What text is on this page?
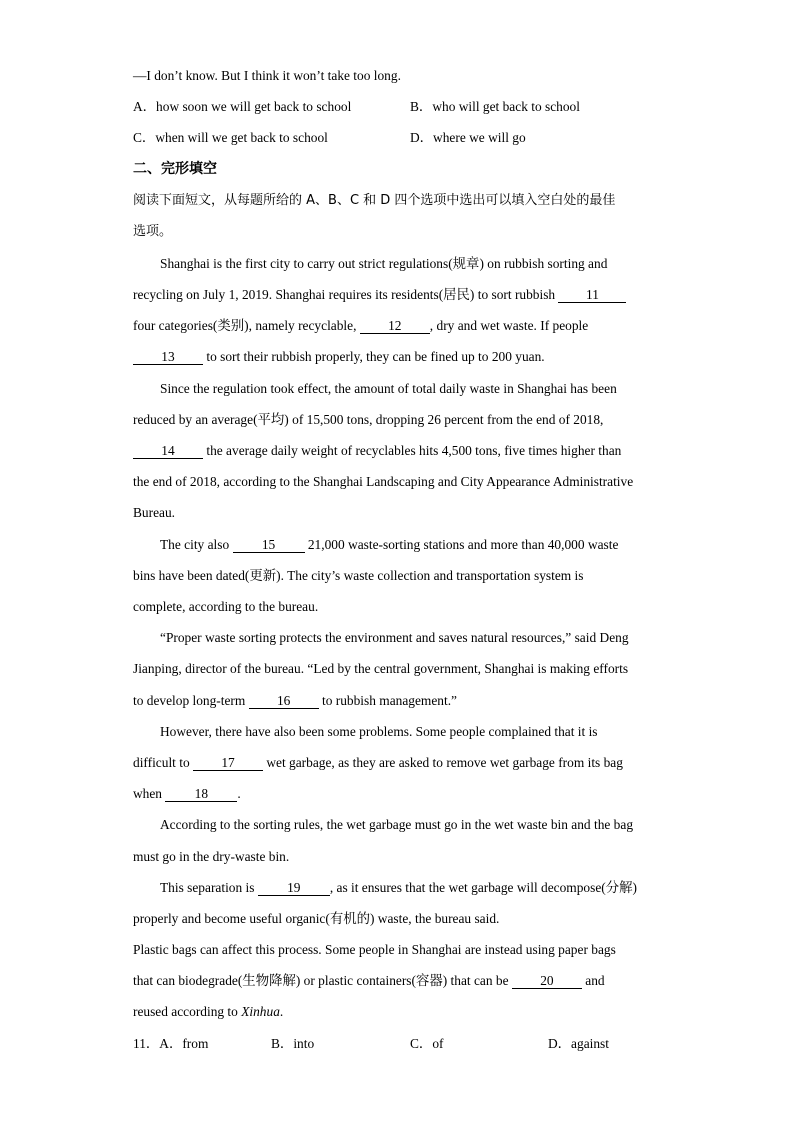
—I don’t know. But I think it won’t take too long.
A．how soon we will get back to school	B．who will get back to school
C．when will we get back to school	D．where we will go
二、完形填空
阅读下面短文，从每题所给的 A、B、C 和 D 四个选项中选出可以填入空白处的最佳
选项。
Shanghai is the first city to carry out strict regulations(规章) on rubbish sorting and
recycling on July 1, 2019. Shanghai requires its residents(居民) to sort rubbish 11
four categories(类别), namely recyclable, 12 , dry and wet waste. If people
13 to sort their rubbish properly, they can be fined up to 200 yuan.
Since the regulation took effect, the amount of total daily waste in Shanghai has been
reduced by an average(平均) of 15,500 tons, dropping 26 percent from the end of 2018,
14 the average daily weight of recyclables hits 4,500 tons, five times higher than
the end of 2018, according to the Shanghai Landscaping and City Appearance Administrative
Bureau.
The city also 15 21,000 waste-sorting stations and more than 40,000 waste
bins have been dated(更新). The city’s waste collection and transportation system is
complete, according to the bureau.
“Proper waste sorting protects the environment and saves natural resources,” said Deng
Jianping, director of the bureau. “Led by the central government, Shanghai is making efforts
to develop long-term 16 to rubbish management.”
However, there have also been some problems. Some people complained that it is
difficult to 17 wet garbage, as they are asked to remove wet garbage from its bag
when 18 .
According to the sorting rules, the wet garbage must go in the wet waste bin and the bag
must go in the dry-waste bin.
This separation is 19 , as it ensures that the wet garbage will decompose(分解)
properly and become useful organic(有机的) waste, the bureau said.
Plastic bags can affect this process. Some people in Shanghai are instead using paper bags
that can biodegrade(生物降解) or plastic containers(容器) that can be 20 and
reused according to Xinhua.
11．A．from	B．into	C．of	D．against
